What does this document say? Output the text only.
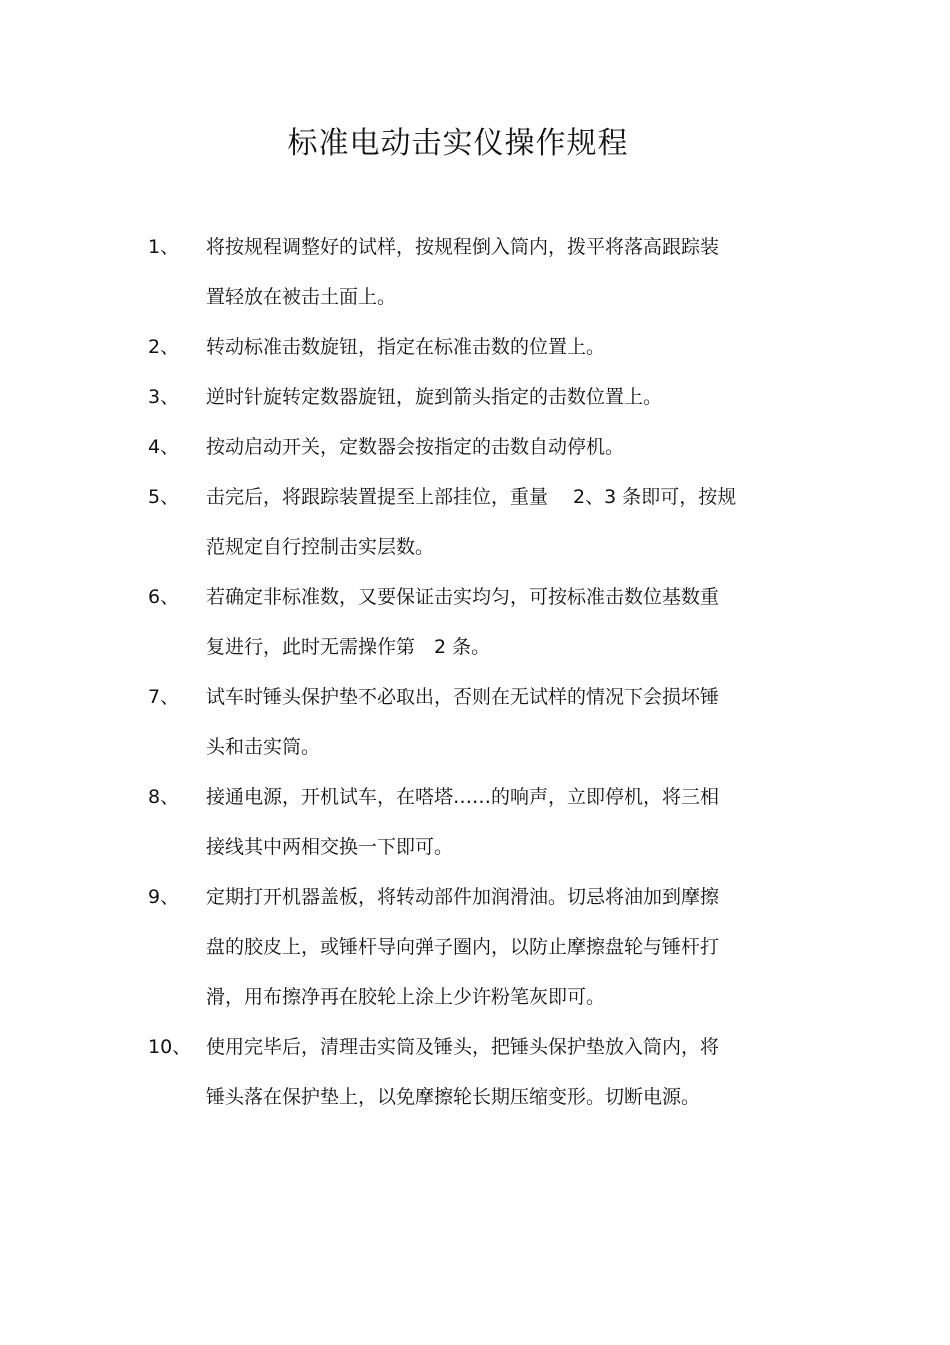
标准电动击实仪操作规程
1、 将按规程调整好的试样，按规程倒入筒内，拨平将落高跟踪装
置轻放在被击土面上。
2、 转动标准击数旋钮，指定在标准击数的位置上。
3、 逆时针旋转定数器旋钮，旋到箭头指定的击数位置上。
4、 按动启动开关，定数器会按指定的击数自动停机。
5、 击完后，将跟踪装置提至上部挂位，重量　 2、3 条即可，按规
范规定自行控制击实层数。
6、 若确定非标准数，又要保证击实均匀，可按标准击数位基数重
复进行，此时无需操作第　2 条。
7、 试车时锤头保护垫不必取出，否则在无试样的情况下会损坏锤
头和击实筒。
8、 接通电源，开机试车，在嗒塔……的响声，立即停机，将三相
接线其中两相交换一下即可。
9、 定期打开机器盖板，将转动部件加润滑油。切忌将油加到摩擦
盘的胶皮上，或锤杆导向弹子圈内，以防止摩擦盘轮与锤杆打
滑，用布擦净再在胶轮上涂上少许粉笔灰即可。
10、 使用完毕后，清理击实筒及锤头，把锤头保护垫放入筒内，将
锤头落在保护垫上，以免摩擦轮长期压缩变形。切断电源。
